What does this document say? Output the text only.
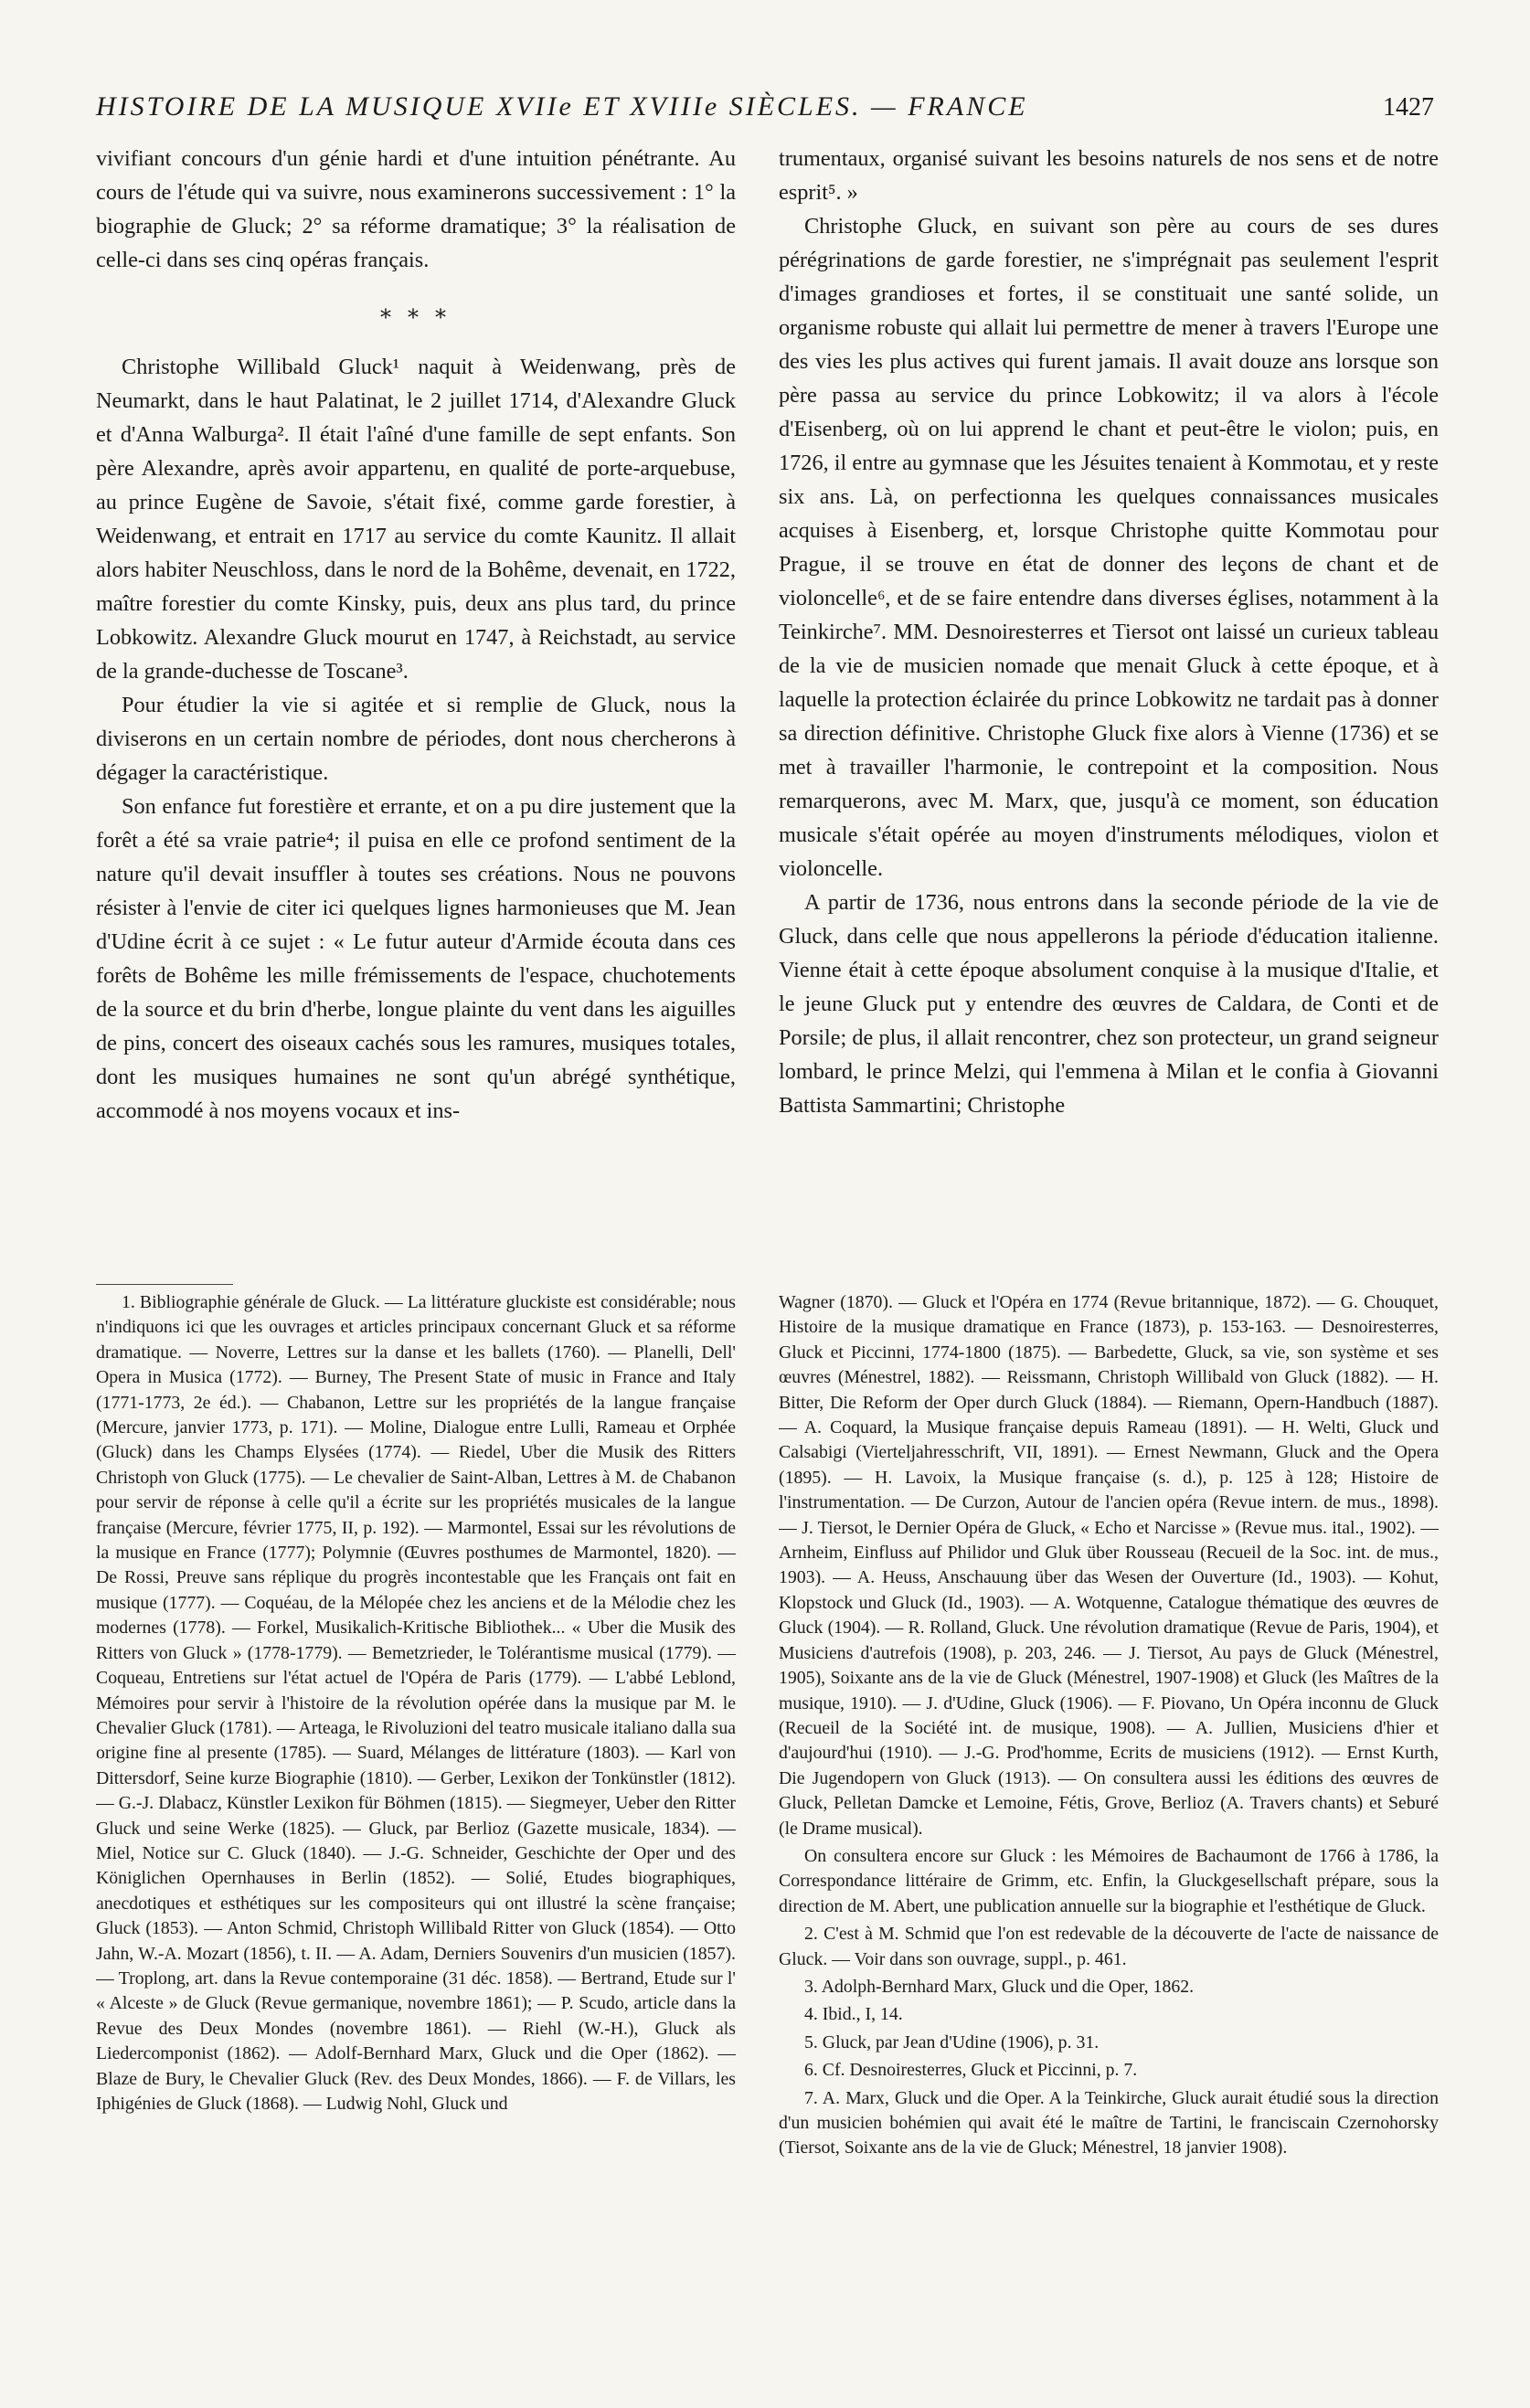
HISTOIRE DE LA MUSIQUE XVIIe ET XVIIIe SIÈCLES. — FRANCE	1427

vivifiant concours d'un génie hardi et d'une intuition pénétrante. Au cours de l'étude qui va suivre, nous examinerons successivement : 1° la biographie de Gluck; 2° sa réforme dramatique; 3° la réalisation de celle-ci dans ses cinq opéras français.

⁎ ⁎ ⁎

Christophe Willibald Gluck¹ naquit à Weidenwang, près de Neumarkt, dans le haut Palatinat, le 2 juillet 1714, d'Alexandre Gluck et d'Anna Walburga². Il était l'aîné d'une famille de sept enfants. Son père Alexandre, après avoir appartenu, en qualité de porte-arquebuse, au prince Eugène de Savoie, s'était fixé, comme garde forestier, à Weidenwang, et entrait en 1717 au service du comte Kaunitz. Il allait alors habiter Neuschloss, dans le nord de la Bohême, devenait, en 1722, maître forestier du comte Kinsky, puis, deux ans plus tard, du prince Lobkowitz. Alexandre Gluck mourut en 1747, à Reichstadt, au service de la grande-duchesse de Toscane³.

Pour étudier la vie si agitée et si remplie de Gluck, nous la diviserons en un certain nombre de périodes, dont nous chercherons à dégager la caractéristique.

Son enfance fut forestière et errante, et on a pu dire justement que la forêt a été sa vraie patrie⁴; il puisa en elle ce profond sentiment de la nature qu'il devait insuffler à toutes ses créations. Nous ne pouvons résister à l'envie de citer ici quelques lignes harmonieuses que M. Jean d'Udine écrit à ce sujet : « Le futur auteur d'Armide écouta dans ces forêts de Bohême les mille frémissements de l'espace, chuchotements de la source et du brin d'herbe, longue plainte du vent dans les aiguilles de pins, concert des oiseaux cachés sous les ramures, musiques totales, dont les musiques humaines ne sont qu'un abrégé synthétique, accommodé à nos moyens vocaux et ins-

trumentaux, organisé suivant les besoins naturels de nos sens et de notre esprit⁵. »

Christophe Gluck, en suivant son père au cours de ses dures pérégrinations de garde forestier, ne s'imprégnait pas seulement l'esprit d'images grandioses et fortes, il se constituait une santé solide, un organisme robuste qui allait lui permettre de mener à travers l'Europe une des vies les plus actives qui furent jamais. Il avait douze ans lorsque son père passa au service du prince Lobkowitz; il va alors à l'école d'Eisenberg, où on lui apprend le chant et peut-être le violon; puis, en 1726, il entre au gymnase que les Jésuites tenaient à Kommotau, et y reste six ans. Là, on perfectionna les quelques connaissances musicales acquises à Eisenberg, et, lorsque Christophe quitte Kommotau pour Prague, il se trouve en état de donner des leçons de chant et de violoncelle⁶, et de se faire entendre dans diverses églises, notamment à la Teinkirche⁷. MM. Desnoiresterres et Tiersot ont laissé un curieux tableau de la vie de musicien nomade que menait Gluck à cette époque, et à laquelle la protection éclairée du prince Lobkowitz ne tardait pas à donner sa direction définitive. Christophe Gluck fixe alors à Vienne (1736) et se met à travailler l'harmonie, le contrepoint et la composition. Nous remarquerons, avec M. Marx, que, jusqu'à ce moment, son éducation musicale s'était opérée au moyen d'instruments mélodiques, violon et violoncelle.

A partir de 1736, nous entrons dans la seconde période de la vie de Gluck, dans celle que nous appellerons la période d'éducation italienne. Vienne était à cette époque absolument conquise à la musique d'Italie, et le jeune Gluck put y entendre des œuvres de Caldara, de Conti et de Porsile; de plus, il allait rencontrer, chez son protecteur, un grand seigneur lombard, le prince Melzi, qui l'emmena à Milan et le confia à Giovanni Battista Sammartini; Christophe

1. Bibliographie générale de Gluck. — La littérature gluckiste est considérable; nous n'indiquons ici que les ouvrages et articles principaux concernant Gluck et sa réforme dramatique. — Noverre, Lettres sur la danse et les ballets (1760). — Planelli, Dell' Opera in Musica (1772). — Burney, The Present State of music in France and Italy (1771-1773, 2e éd.). — Chabanon, Lettre sur les propriétés de la langue française (Mercure, janvier 1773, p. 171). — Moline, Dialogue entre Lulli, Rameau et Orphée (Gluck) dans les Champs Elysées (1774). — Riedel, Uber die Musik des Ritters Christoph von Gluck (1775). — Le chevalier de Saint-Alban, Lettres à M. de Chabanon pour servir de réponse à celle qu'il a écrite sur les propriétés musicales de la langue française (Mercure, février 1775, II, p. 192). — Marmontel, Essai sur les révolutions de la musique en France (1777); Polymnie (Œuvres posthumes de Marmontel, 1820). — De Rossi, Preuve sans réplique du progrès incontestable que les Français ont fait en musique (1777). — Coquéau, de la Mélopée chez les anciens et de la Mélodie chez les modernes (1778). — Forkel, Musikalich-Kritische Bibliothek... « Uber die Musik des Ritters von Gluck » (1778-1779). — Bemetzrieder, le Tolérantisme musical (1779). — Coqueau, Entretiens sur l'état actuel de l'Opéra de Paris (1779). — L'abbé Leblond, Mémoires pour servir à l'histoire de la révolution opérée dans la musique par M. le Chevalier Gluck (1781). — Arteaga, le Rivoluzioni del teatro musicale italiano dalla sua origine fine al presente (1785). — Suard, Mélanges de littérature (1803). — Karl von Dittersdorf, Seine kurze Biographie (1810). — Gerber, Lexikon der Tonkünstler (1812). — G.-J. Dlabacz, Künstler Lexikon für Böhmen (1815). — Siegmeyer, Ueber den Ritter Gluck und seine Werke (1825). — Gluck, par Berlioz (Gazette musicale, 1834). — Miel, Notice sur C. Gluck (1840). — J.-G. Schneider, Geschichte der Oper und des Königlichen Opernhauses in Berlin (1852). — Solié, Etudes biographiques, anecdotiques et esthétiques sur les compositeurs qui ont illustré la scène française; Gluck (1853). — Anton Schmid, Christoph Willibald Ritter von Gluck (1854). — Otto Jahn, W.-A. Mozart (1856), t. II. — A. Adam, Derniers Souvenirs d'un musicien (1857). — Troplong, art. dans la Revue contemporaine (31 déc. 1858). — Bertrand, Etude sur l' « Alceste » de Gluck (Revue germanique, novembre 1861); — P. Scudo, article dans la Revue des Deux Mondes (novembre 1861). — Riehl (W.-H.), Gluck als Liedercomponist (1862). — Adolf-Bernhard Marx, Gluck und die Oper (1862). — Blaze de Bury, le Chevalier Gluck (Rev. des Deux Mondes, 1866). — F. de Villars, les Iphigénies de Gluck (1868). — Ludwig Nohl, Gluck und

Wagner (1870). — Gluck et l'Opéra en 1774 (Revue britannique, 1872). — G. Chouquet, Histoire de la musique dramatique en France (1873), p. 153-163. — Desnoiresterres, Gluck et Piccinni, 1774-1800 (1875). — Barbedette, Gluck, sa vie, son système et ses œuvres (Ménestrel, 1882). — Reissmann, Christoph Willibald von Gluck (1882). — H. Bitter, Die Reform der Oper durch Gluck (1884). — Riemann, Opern-Handbuch (1887). — A. Coquard, la Musique française depuis Rameau (1891). — H. Welti, Gluck und Calsabigi (Vierteljahresschrift, VII, 1891). — Ernest Newmann, Gluck and the Opera (1895). — H. Lavoix, la Musique française (s. d.), p. 125 à 128; Histoire de l'instrumentation. — De Curzon, Autour de l'ancien opéra (Revue intern. de mus., 1898). — J. Tiersot, le Dernier Opéra de Gluck, « Echo et Narcisse » (Revue mus. ital., 1902). — Arnheim, Einfluss auf Philidor und Gluk über Rousseau (Recueil de la Soc. int. de mus., 1903). — A. Heuss, Anschauung über das Wesen der Ouverture (Id., 1903). — Kohut, Klopstock und Gluck (Id., 1903). — A. Wotquenne, Catalogue thématique des œuvres de Gluck (1904). — R. Rolland, Gluck. Une révolution dramatique (Revue de Paris, 1904), et Musiciens d'autrefois (1908), p. 203, 246. — J. Tiersot, Au pays de Gluck (Ménestrel, 1905), Soixante ans de la vie de Gluck (Ménestrel, 1907-1908) et Gluck (les Maîtres de la musique, 1910). — J. d'Udine, Gluck (1906). — F. Piovano, Un Opéra inconnu de Gluck (Recueil de la Société int. de musique, 1908). — A. Jullien, Musiciens d'hier et d'aujourd'hui (1910). — J.-G. Prod'homme, Ecrits de musiciens (1912). — Ernst Kurth, Die Jugendopern von Gluck (1913). — On consultera aussi les éditions des œuvres de Gluck, Pelletan Damcke et Lemoine, Fétis, Grove, Berlioz (A. Travers chants) et Seburé (le Drame musical).

On consultera encore sur Gluck : les Mémoires de Bachaumont de 1766 à 1786, la Correspondance littéraire de Grimm, etc. Enfin, la Gluckgesellschaft prépare, sous la direction de M. Abert, une publication annuelle sur la biographie et l'esthétique de Gluck.

2. C'est à M. Schmid que l'on est redevable de la découverte de l'acte de naissance de Gluck. — Voir dans son ouvrage, suppl., p. 461.

3. Adolph-Bernhard Marx, Gluck und die Oper, 1862.

4. Ibid., I, 14.

5. Gluck, par Jean d'Udine (1906), p. 31.

6. Cf. Desnoiresterres, Gluck et Piccinni, p. 7.

7. A. Marx, Gluck und die Oper. A la Teinkirche, Gluck aurait étudié sous la direction d'un musicien bohémien qui avait été le maître de Tartini, le franciscain Czernohorsky (Tiersot, Soixante ans de la vie de Gluck; Ménestrel, 18 janvier 1908).
